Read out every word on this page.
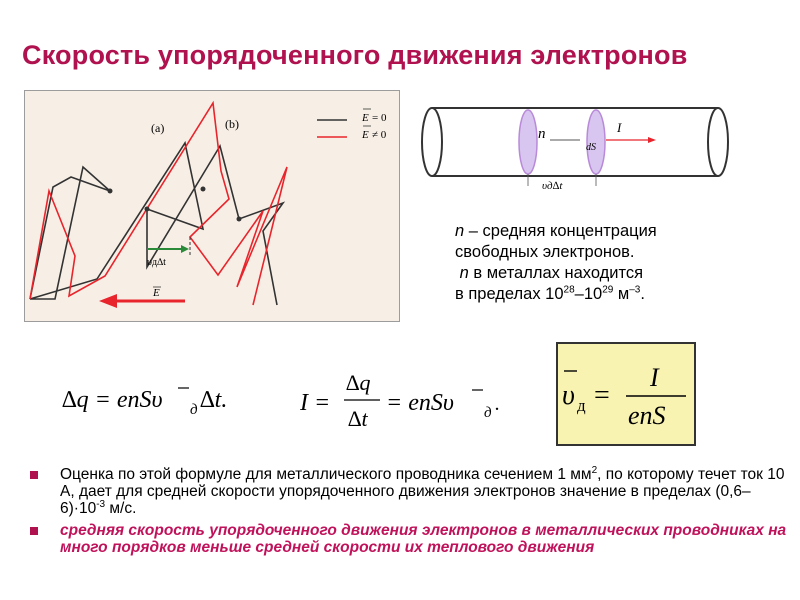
Скорость упорядоченного движения электронов
(a)	(b)	E = 0
E ≠ 0
υд∆t
E
n	I
dS
υд∆t

n – средняя концентрация

свободных электронов.

n в металлах находится

в пределах $10^{28}-10^{29}$ $м^{-3}$.

∆q = enSυ д ∆t.	I =
∆q
∆t
= enSυ д . υ д =
I
enS
Оценка по этой формуле для металлического проводника сечением 1 $мм^2$, по которому течет ток 10 А, дает для средней скорости упорядоченного движения электронов значение в пределах $(0,6-6)\cdot 10^{-3}$ м/с.
средняя скорость упорядоченного движения электронов в металлических проводниках на много порядков меньше средней скорости их теплового движения
